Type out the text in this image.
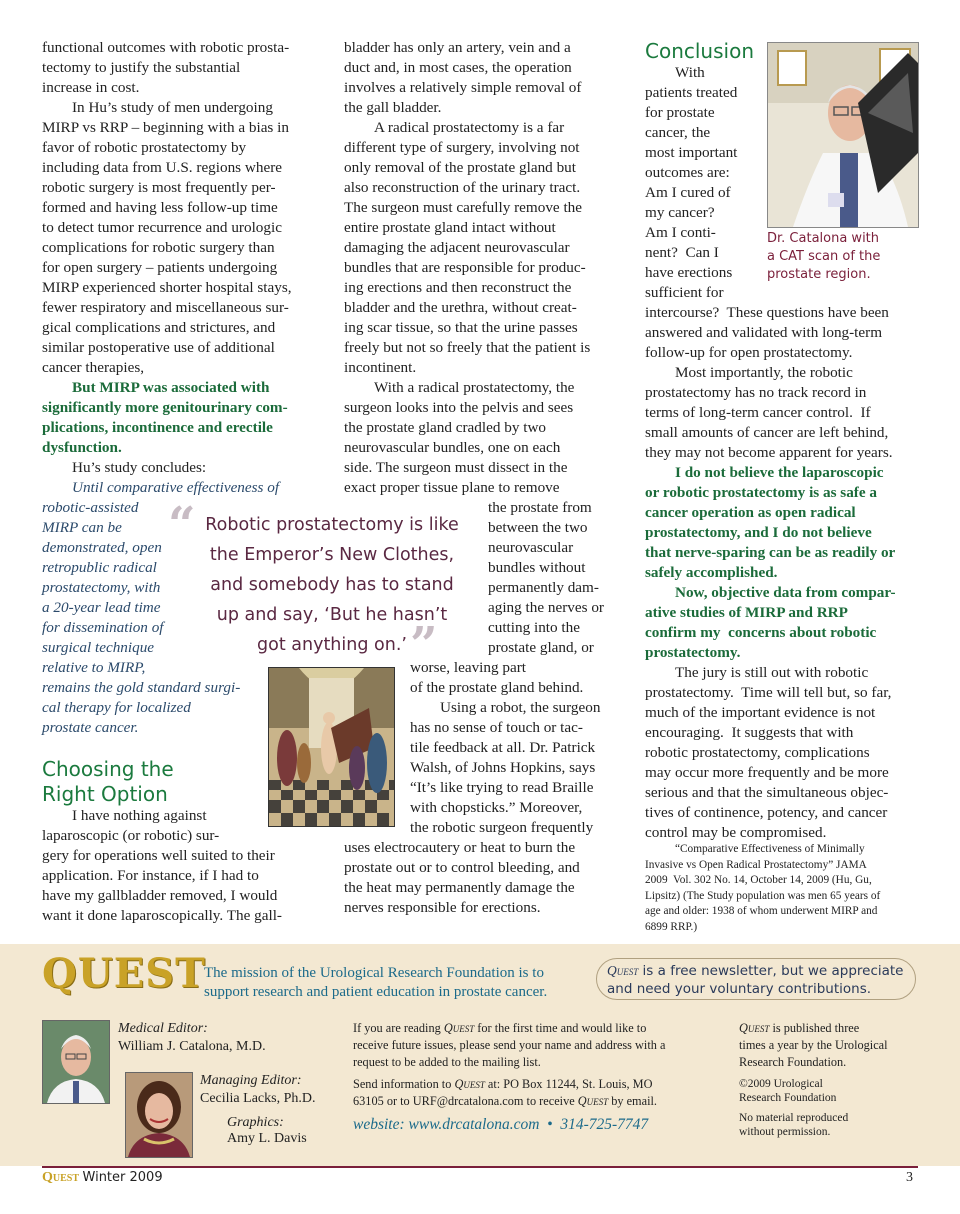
functional outcomes with robotic prosta-

tectomy to justify the substantial

increase in cost.

In Hu’s study of men undergoing
MIRP vs RRP – beginning with a bias in
favor of robotic prostatectomy by
including data from U.S. regions where
robotic surgery is most frequently per-
formed and having less follow-up time
to detect tumor recurrence and urologic
complications for robotic surgery than
for open surgery – patients undergoing
MIRP experienced shorter hospital stays,
fewer respiratory and miscellaneous sur-
gical complications and strictures, and
similar postoperative use of additional
cancer therapies,
But MIRP was associated with
significantly more genitourinary com-
plications, incontinence and erectile
dysfunction.

Hu’s study concludes:

Until comparative effectiveness of
robotic-assisted
MIRP can be
demonstrated, open
retropublic radical
prostatectomy, with
a 20-year lead time
for dissemination of
surgical technique
relative to MIRP,
remains the gold standard surgi-
cal therapy for localized
prostate cancer.
Choosing the
Right Option
I have nothing against
laparoscopic (or robotic) sur-
gery for operations well suited to their
application. For instance, if I had to
have my gallbladder removed, I would
want it done laparoscopically. The gall-
bladder has only an artery, vein and a
duct and, in most cases, the operation
involves a relatively simple removal of
the gall bladder.
A radical prostatectomy is a far
different type of surgery, involving not
only removal of the prostate gland but
also reconstruction of the urinary tract.
The surgeon must carefully remove the
entire prostate gland intact without
damaging the adjacent neurovascular
bundles that are responsible for produc-
ing erections and then reconstruct the
bladder and the urethra, without creat-
ing scar tissue, so that the urine passes
freely but not so freely that the patient is
incontinent.
With a radical prostatectomy, the
surgeon looks into the pelvis and sees
the prostate gland cradled by two
neurovascular bundles, one on each
side. The surgeon must dissect in the
exact proper tissue plane to remove
the prostate from
between the two
neurovascular
bundles without
permanently dam-
aging the nerves or
cutting into the
prostate gland, or
worse, leaving part
of the prostate gland behind.
Using a robot, the surgeon
has no sense of touch or tac-
tile feedback at all. Dr. Patrick
Walsh, of Johns Hopkins, says
“It’s like trying to read Braille
with chopsticks.” Moreover,
the robotic surgeon frequently
uses electrocautery or heat to burn the
prostate out or to control bleeding, and
the heat may permanently damage the
nerves responsible for erections.
“ Robotic prostatectomy is like
the Emperor’s New Clothes,
and somebody has to stand
up and say, ‘But he hasn’t
got anything on.’ ”
Conclusion
With
patients treated
for prostate
cancer, the
most important
outcomes are:
Am I cured of
my cancer?
Am I conti-
nent?  Can I
have erections
sufficient for
Dr. Catalona with
a CAT scan of the
prostate region.
intercourse?  These questions have been
answered and validated with long-term
follow-up for open prostatectomy.
Most importantly, the robotic
prostatectomy has no track record in
terms of long-term cancer control.  If
small amounts of cancer are left behind,
they may not become apparent for years.
I do not believe the laparoscopic
or robotic prostatectomy is as safe a
cancer operation as open radical
prostatectomy, and I do not believe
that nerve-sparing can be as readily or
safely accomplished.
Now, objective data from compar-
ative studies of MIRP and RRP
confirm my  concerns about robotic
prostatectomy.
The jury is still out with robotic
prostatectomy.  Time will tell but, so far,
much of the important evidence is not
encouraging.  It suggests that with
robotic prostatectomy, complications
may occur more frequently and be more
serious and that the simultaneous objec-
tives of continence, potency, and cancer
control may be compromised.
“Comparative Effectiveness of Minimally
Invasive vs Open Radical Prostatectomy” JAMA
2009  Vol. 302 No. 14, October 14, 2009 (Hu, Gu,
Lipsitz) (The Study population was men 65 years of
age and older: 1938 of whom underwent MIRP and
6899 RRP.)
QUEST
The mission of the Urological Research Foundation is to
support research and patient education in prostate cancer.
Quest is a free newsletter, but we appreciate
and need your voluntary contributions.
Medical Editor:
William J. Catalona, M.D.
Managing Editor:
Cecilia Lacks, Ph.D.
Graphics:
Amy L. Davis
If you are reading Quest for the first time and would like to
receive future issues, please send your name and address with a
request to be added to the mailing list.
Send information to Quest at: PO Box 11244, St. Louis, MO
63105 or to URF@drcatalona.com to receive Quest by email.
website: www.drcatalona.com  •  314-725-7747
Quest is published three
times a year by the Urological
Research Foundation.
©2009 Urological
Research Foundation
No material reproduced
without permission.
Quest Winter 2009	3
